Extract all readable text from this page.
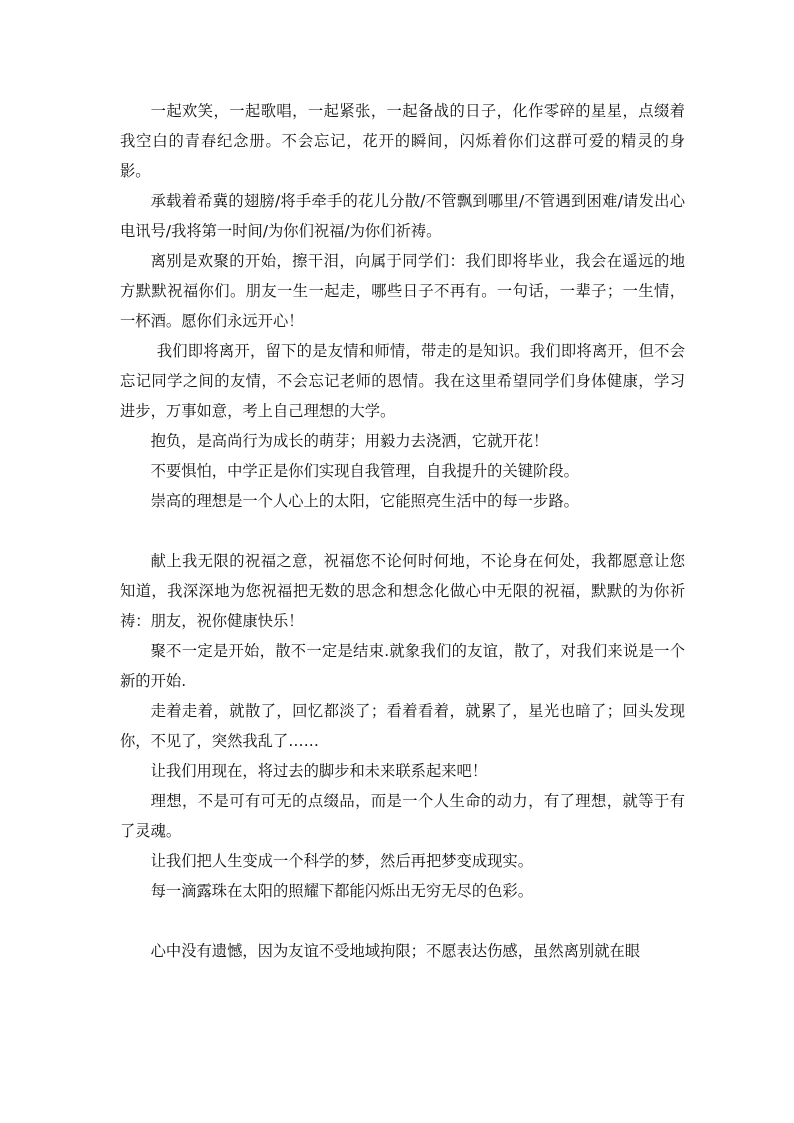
一起欢笑，一起歌唱，一起紧张，一起备战的日子，化作零碎的星星，点缀着我空白的青春纪念册。不会忘记，花开的瞬间，闪烁着你们这群可爱的精灵的身影。

承载着希冀的翅膀/将手牵手的花儿分散/不管飘到哪里/不管遇到困难/请发出心电讯号/我将第一时间/为你们祝福/为你们祈祷。

离别是欢聚的开始，擦干泪，向属于同学们：我们即将毕业，我会在遥远的地方默默祝福你们。朋友一生一起走，哪些日子不再有。一句话，一辈子；一生情，一杯酒。愿你们永远开心！

我们即将离开，留下的是友情和师情，带走的是知识。我们即将离开，但不会忘记同学之间的友情，不会忘记老师的恩情。我在这里希望同学们身体健康，学习进步，万事如意，考上自己理想的大学。

抱负，是高尚行为成长的萌芽；用毅力去浇洒，它就开花！

不要惧怕，中学正是你们实现自我管理，自我提升的关键阶段。

崇高的理想是一个人心上的太阳，它能照亮生活中的每一步路。

献上我无限的祝福之意，祝福您不论何时何地，不论身在何处，我都愿意让您知道，我深深地为您祝福把无数的思念和想念化做心中无限的祝福，默默的为你祈祷：朋友，祝你健康快乐！

聚不一定是开始，散不一定是结束.就象我们的友谊，散了，对我们来说是一个新的开始.

走着走着，就散了，回忆都淡了；看着看着，就累了，星光也暗了；回头发现你，不见了，突然我乱了……

让我们用现在，将过去的脚步和未来联系起来吧！

理想，不是可有可无的点缀品，而是一个人生命的动力，有了理想，就等于有了灵魂。

让我们把人生变成一个科学的梦，然后再把梦变成现实。

每一滴露珠在太阳的照耀下都能闪烁出无穷无尽的色彩。

心中没有遗憾，因为友谊不受地域拘限；不愿表达伤感，虽然离别就在眼
